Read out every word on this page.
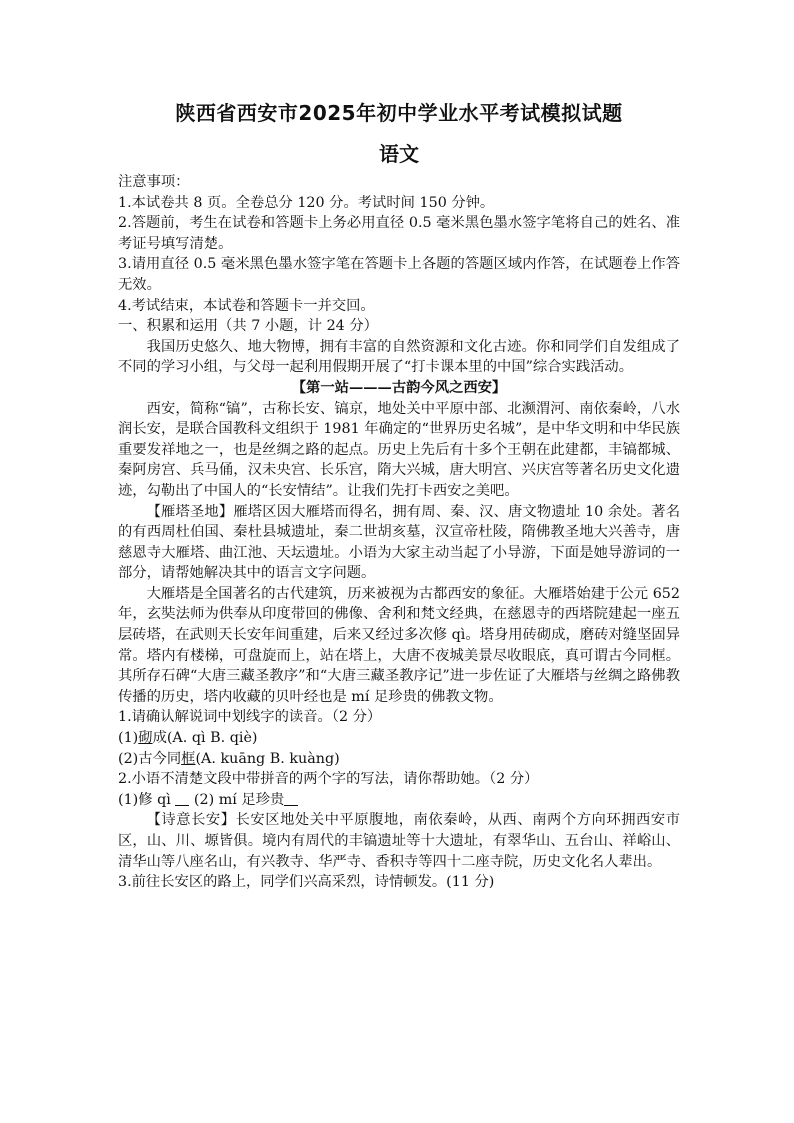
陕西省西安市2025年初中学业水平考试模拟试题
语文

注意事项：

1.本试卷共 8 页。全卷总分 120 分。考试时间 150 分钟。

2.答题前，考生在试卷和答题卡上务必用直径 0.5 毫米黑色墨水签字笔将自己的姓名、准考证号填写清楚。

3.请用直径 0.5 毫米黑色墨水签字笔在答题卡上各题的答题区域内作答，在试题卷上作答无效。

4.考试结束，本试卷和答题卡一并交回。

一、积累和运用（共 7 小题，计 24 分）

我国历史悠久、地大物博，拥有丰富的自然资源和文化古迹。你和同学们自发组成了不同的学习小组，与父母一起利用假期开展了“打卡课本里的中国”综合实践活动。

【第一站———古韵今风之西安】

西安，简称“镐”，古称长安、镐京，地处关中平原中部、北濒渭河、南依秦岭，八水润长安，是联合国教科文组织于 1981 年确定的“世界历史名城”，是中华文明和中华民族重要发祥地之一，也是丝绸之路的起点。历史上先后有十多个王朝在此建都，丰镐都城、秦阿房宫、兵马俑，汉未央宫、长乐宫，隋大兴城，唐大明宫、兴庆宫等著名历史文化遗迹，勾勒出了中国人的“长安情结”。让我们先打卡西安之美吧。

【雁塔圣地】雁塔区因大雁塔而得名，拥有周、秦、汉、唐文物遗址 10 余处。著名的有西周杜伯国、秦杜县城遗址，秦二世胡亥墓，汉宣帝杜陵，隋佛教圣地大兴善寺，唐慈恩寺大雁塔、曲江池、天坛遗址。小语为大家主动当起了小导游，下面是她导游词的一部分，请帮她解决其中的语言文字问题。

大雁塔是全国著名的古代建筑，历来被视为古都西安的象征。大雁塔始建于公元 652 年，玄奘法师为供奉从印度带回的佛像、舍利和梵文经典，在慈恩寺的西塔院建起一座五层砖塔，在武则天长安年间重建，后来又经过多次修 qì。塔身用砖砌成，磨砖对缝坚固异常。塔内有楼梯，可盘旋而上，站在塔上，大唐不夜城美景尽收眼底，真可谓古今同框。其所存石碑“大唐三藏圣教序”和“大唐三藏圣教序记”进一步佐证了大雁塔与丝绸之路佛教传播的历史，塔内收藏的贝叶经也是 mí 足珍贵的佛教文物。

1.请确认解说词中划线字的读音。（2 分）

(1)砌成(A. qì B. qiè)

(2)古今同框(A. kuāng B. kuàng)

2.小语不清楚文段中带拼音的两个字的写法，请你帮助她。（2 分）

(1)修 qì (2) mí 足珍贵

【诗意长安】长安区地处关中平原腹地，南依秦岭，从西、南两个方向环拥西安市区，山、川、塬皆俱。境内有周代的丰镐遗址等十大遗址，有翠华山、五台山、祥峪山、清华山等八座名山，有兴教寺、华严寺、香积寺等四十二座寺院，历史文化名人辈出。

3.前往长安区的路上，同学们兴高采烈，诗情顿发。(11 分)
